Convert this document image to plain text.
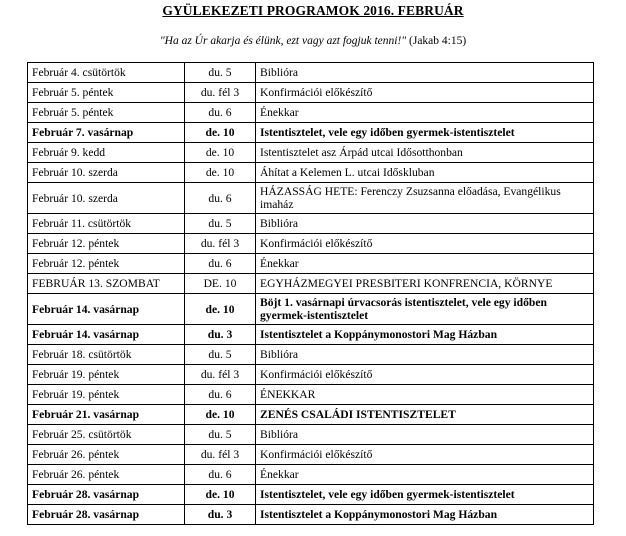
GYÜLEKEZETI PROGRAMOK 2016. FEBRUÁR
"Ha az Úr akarja és élünk, ezt vagy azt fogjuk tenni!" (Jakab 4:15)
Február 4. csütörtök	du. 5	Biblióra
Február 5. péntek	du. fél 3	Konfirmációi előkészítő
Február 5. péntek	du. 6	Énekkar
Február 7. vasárnap	de. 10	Istentisztelet, vele egy időben gyermek-istentisztelet
Február 9. kedd	de. 10	Istentisztelet asz Árpád utcai Idősotthonban
Február 10. szerda	de. 10	Áhítat a Kelemen L. utcai Időskluban
Február 10. szerda	du. 6	HÁZASSÁG HETE: Ferenczy Zsuzsanna előadása, Evangélikus imaház
Február 11. csütörtök	du. 5	Biblióra
Február 12. péntek	du. fél 3	Konfirmációi előkészítő
Február 12. péntek	du. 6	Énekkar
FEBRUÁR 13. SZOMBAT	DE. 10	EGYHÁZMEGYEI PRESBITERI KONFRENCIA, KÖRNYE
Február 14. vasárnap	de. 10	Böjt 1. vasárnapi úrvacsorás istentisztelet, vele egy időben gyermek-istentisztelet
Február 14. vasárnap	du. 3	Istentisztelet a Koppánymonostori Mag Házban
Február 18. csütörtök	du. 5	Biblióra
Február 19. péntek	du. fél 3	Konfirmációi előkészítő
Február 19. péntek	du. 6	ÉNEKKAR
Február 21. vasárnap	de. 10	ZENÉS CSALÁDI ISTENTISZTELET
Február 25. csütörtök	du. 5	Biblióra
Február 26. péntek	du. fél 3	Konfirmációi előkészítő
Február 26. péntek	du. 6	Énekkar
Február 28. vasárnap	de. 10	Istentisztelet, vele egy időben gyermek-istentisztelet
Február 28. vasárnap	du. 3	Istentisztelet a Koppánymonostori Mag Házban
